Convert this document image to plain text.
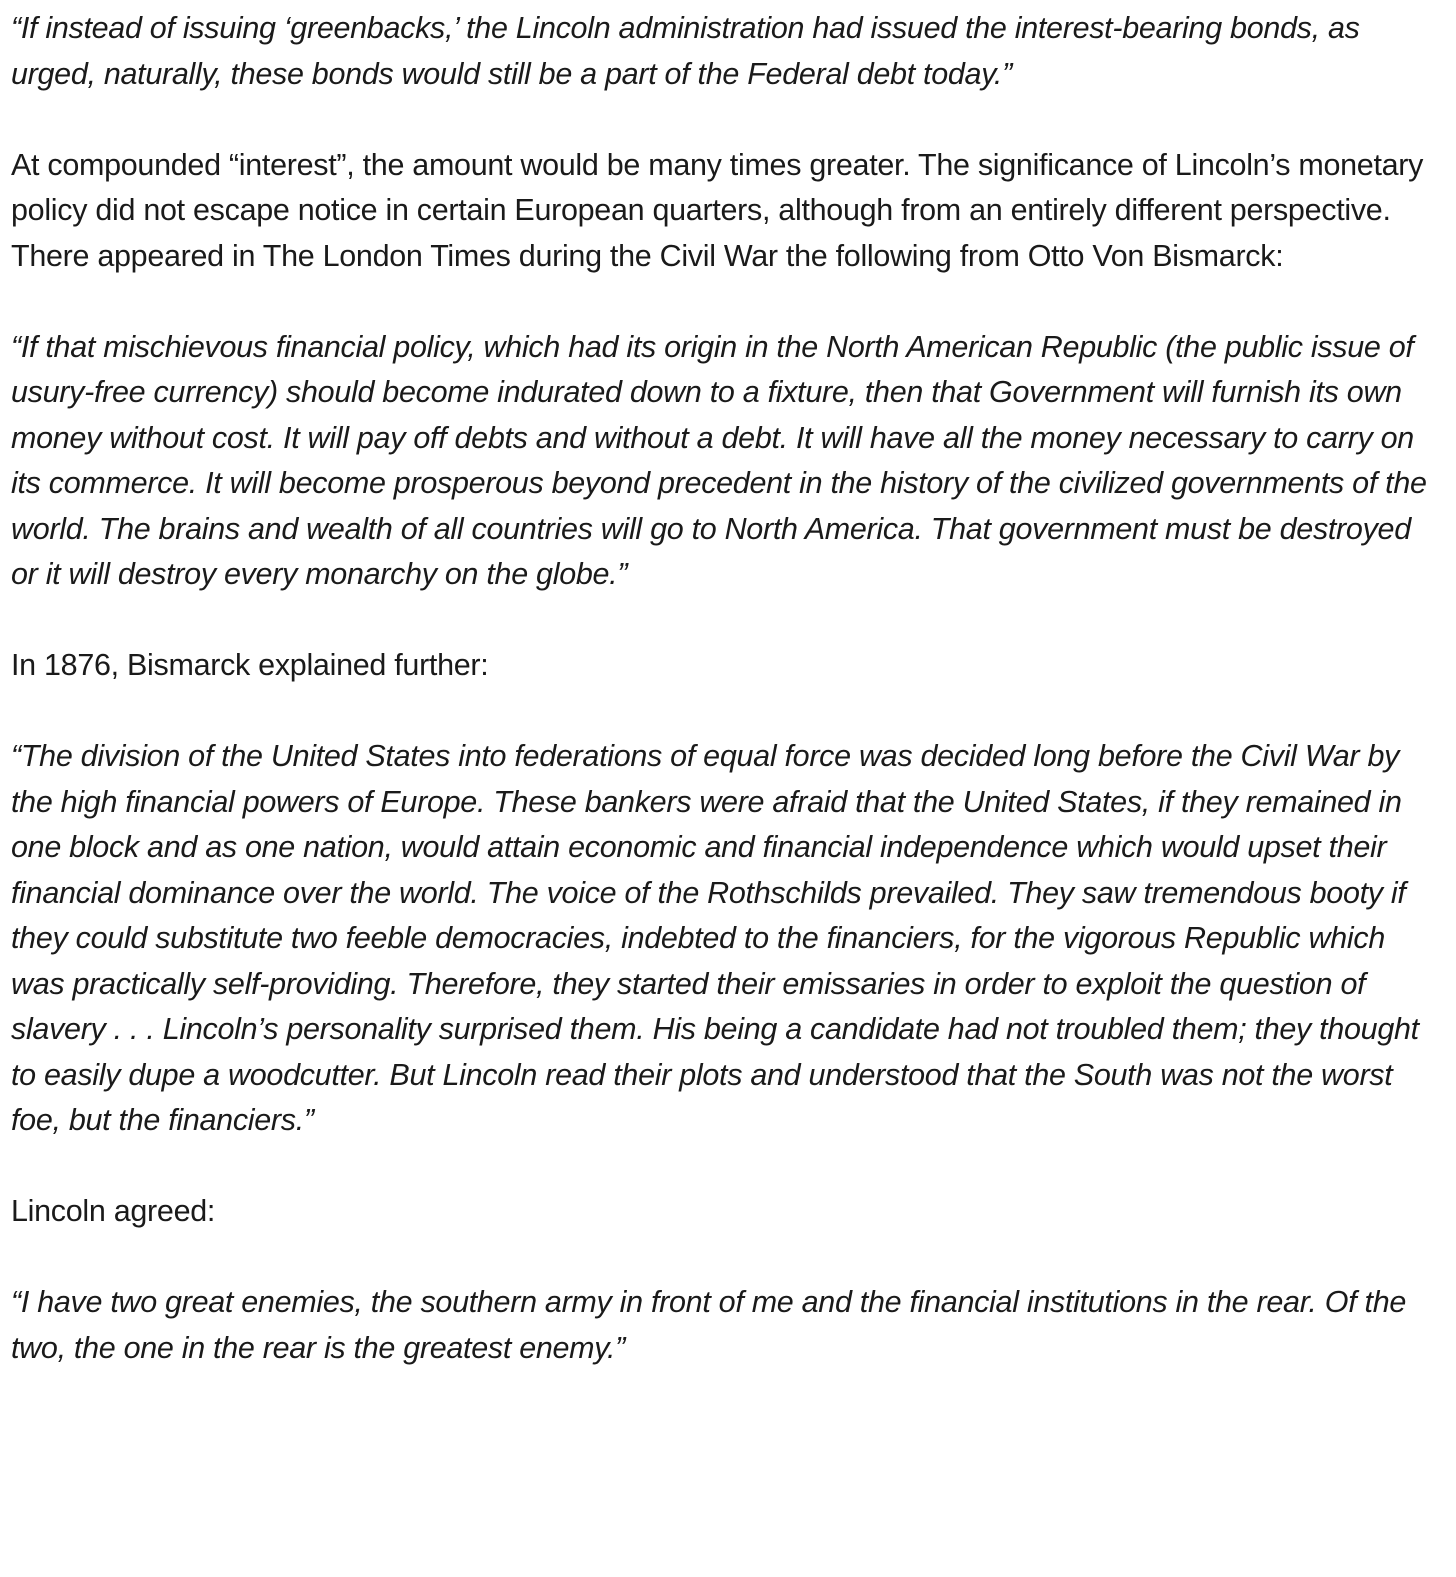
“If instead of issuing ‘greenbacks,’ the Lincoln administration had issued the interest-bearing bonds, as urged, naturally, these bonds would still be a part of the Federal debt today.”

At compounded “interest”, the amount would be many times greater. The significance of Lincoln’s monetary policy did not escape notice in certain European quarters, although from an entirely different perspective. There appeared in The London Times during the Civil War the following from Otto Von Bismarck:

“If that mischievous financial policy, which had its origin in the North American Republic (the public issue of usury-free currency) should become indurated down to a fixture, then that Government will furnish its own money without cost. It will pay off debts and without a debt. It will have all the money necessary to carry on its commerce. It will become prosperous beyond precedent in the history of the civilized governments of the world. The brains and wealth of all countries will go to North America. That government must be destroyed or it will destroy every monarchy on the globe.”

In 1876, Bismarck explained further:

“The division of the United States into federations of equal force was decided long before the Civil War by the high financial powers of Europe. These bankers were afraid that the United States, if they remained in one block and as one nation, would attain economic and financial independence which would upset their financial dominance over the world. The voice of the Rothschilds prevailed. They saw tremendous booty if they could substitute two feeble democracies, indebted to the financiers, for the vigorous Republic which was practically self-providing. Therefore, they started their emissaries in order to exploit the question of slavery . . . Lincoln’s personality surprised them. His being a candidate had not troubled them; they thought to easily dupe a woodcutter. But Lincoln read their plots and understood that the South was not the worst foe, but the financiers.”

Lincoln agreed:

“I have two great enemies, the southern army in front of me and the financial institutions in the rear. Of the two, the one in the rear is the greatest enemy.”
